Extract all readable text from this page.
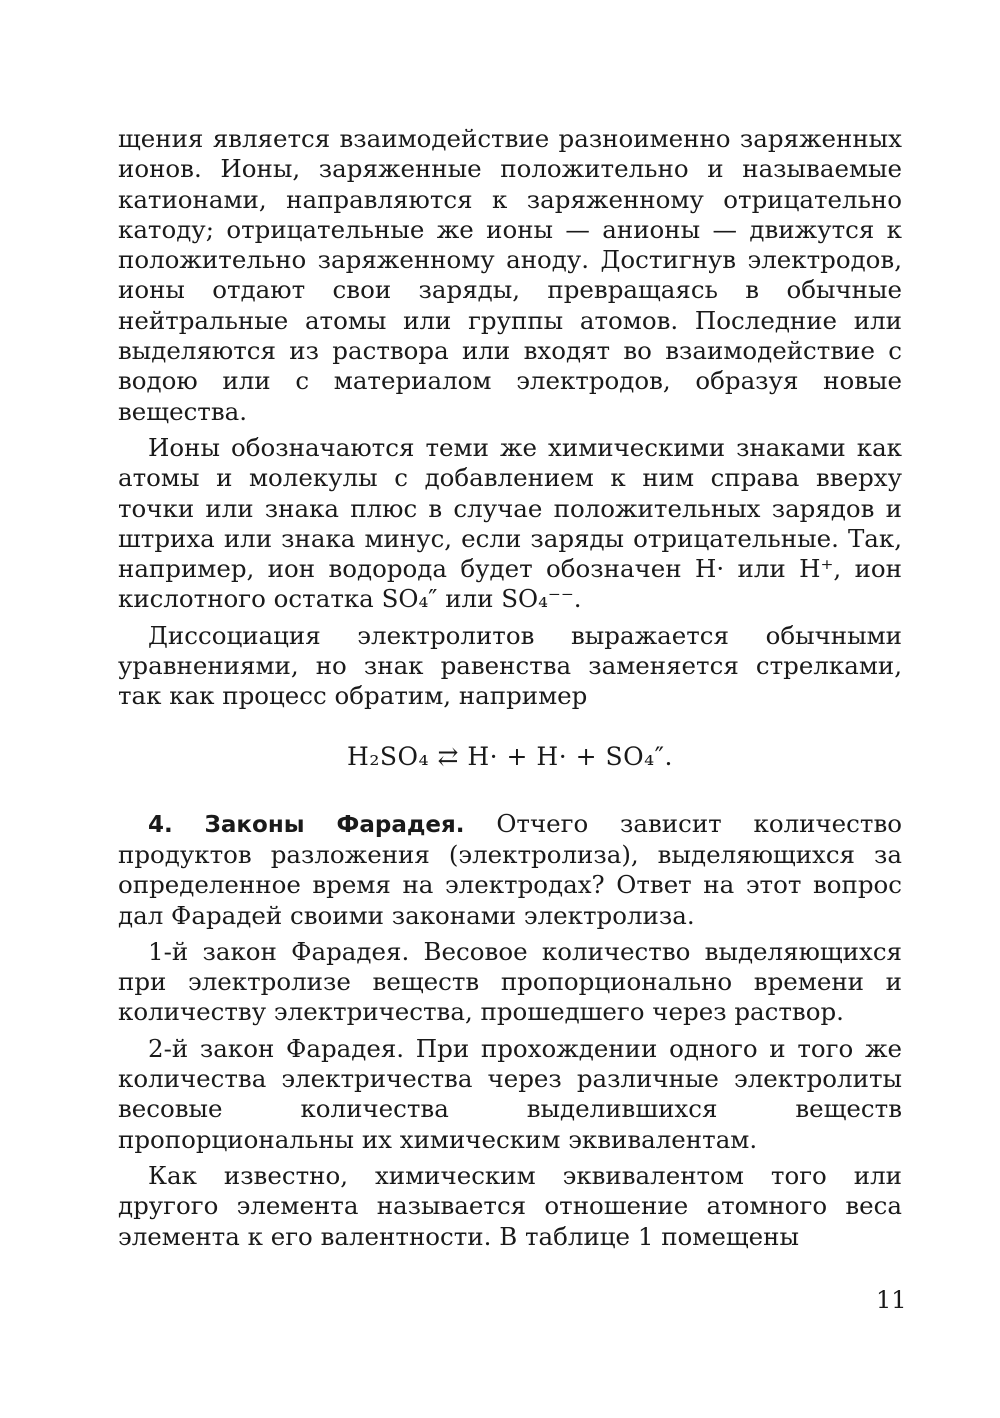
щения является взаимодействие разноименно заряженных ионов. Ионы, заряженные положительно и называемые катионами, направляются к заряженному отрицательно катоду; отрицательные же ионы — анионы — движутся к положительно заряженному аноду. Достигнув электродов, ионы отдают свои заряды, превращаясь в обычные нейтральные атомы или группы атомов. Последние или выделяются из раствора или входят во взаимодействие с водою или с материалом электродов, образуя новые вещества.

Ионы обозначаются теми же химическими знаками как атомы и молекулы с добавлением к ним справа вверху точки или знака плюс в случае положительных зарядов и штриха или знака минус, если заряды отрицательные. Так, например, ион водорода будет обозначен H· или H⁺, ион кислотного остатка SO₄″ или SO₄⁻⁻.

Диссоциация электролитов выражается обычными уравнениями, но знак равенства заменяется стрелками, так как процесс обратим, например

H₂SO₄ ⇄ H· + H· + SO₄″.

4. Законы Фарадея. Отчего зависит количество продуктов разложения (электролиза), выделяющихся за определенное время на электродах? Ответ на этот вопрос дал Фарадей своими законами электролиза.

1-й закон Фарадея. Весовое количество выделяющихся при электролизе веществ пропорционально времени и количеству электричества, прошедшего через раствор.

2-й закон Фарадея. При прохождении одного и того же количества электричества через различные электролиты весовые количества выделившихся веществ пропорциональны их химическим эквивалентам.

Как известно, химическим эквивалентом того или другого элемента называется отношение атомного веса элемента к его валентности. В таблице 1 помещены

11
